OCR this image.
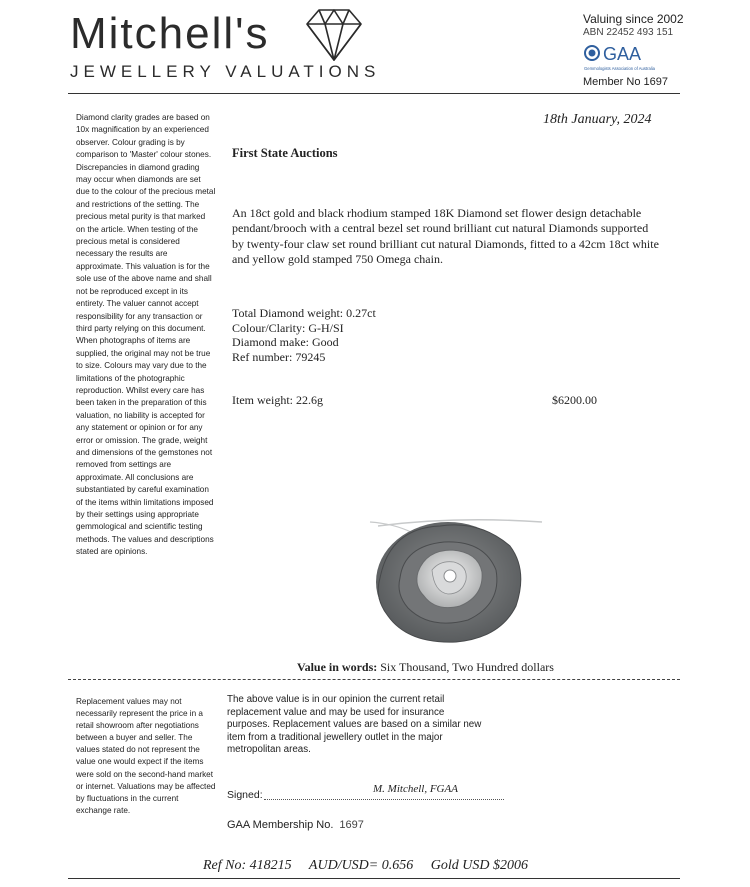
Mitchell's
JEWELLERY VALUATIONS
Valuing since 2002
ABN 22452 493 151
GAA
Gemmologists Association of Australia
Member No 1697
Diamond clarity grades are based on 10x magnification by an experienced observer. Colour grading is by comparison to 'Master' colour stones. Discrepancies in diamond grading may occur when diamonds are set due to the colour of the precious metal and restrictions of the setting. The precious metal purity is that marked on the article. When testing of the precious metal is considered necessary the results are approximate. This valuation is for the sole use of the above name and shall not be reproduced except in its entirety. The valuer cannot accept responsibility for any transaction or third party relying on this document. When photographs of items are supplied, the original may not be true to size. Colours may vary due to the limitations of the photographic reproduction. Whilst every care has been taken in the preparation of this valuation, no liability is accepted for any statement or opinion or for any error or omission. The grade, weight and dimensions of the gemstones not removed from settings are approximate. All conclusions are substantiated by careful examination of the items within limitations imposed by their settings using appropriate gemmological and scientific testing methods. The values and descriptions stated are opinions.
18th January, 2024
First State Auctions
An 18ct gold and black rhodium stamped 18K Diamond set flower design detachable pendant/brooch with a central bezel set round brilliant cut natural Diamonds supported by twenty-four claw set round brilliant cut natural Diamonds, fitted to a 42cm 18ct white and yellow gold stamped 750 Omega chain.
Total Diamond weight: 0.27ct
Colour/Clarity: G-H/SI
Diamond make: Good
Ref number: 79245
Item weight: 22.6g	$6200.00
Value in words: Six Thousand, Two Hundred dollars
Replacement values may not necessarily represent the price in a retail showroom after negotiations between a buyer and seller. The values stated do not represent the value one would expect if the items were sold on the second-hand market or internet. Valuations may be affected by fluctuations in the current exchange rate.
The above value is in our opinion the current retail replacement value and may be used for insurance purposes. Replacement values are based on a similar new item from a traditional jewellery outlet in the major metropolitan areas.
Signed:	M. Mitchell, FGAA
GAA Membership No. 1697
Ref No: 418215 AUD/USD= 0.656 Gold USD $2006
